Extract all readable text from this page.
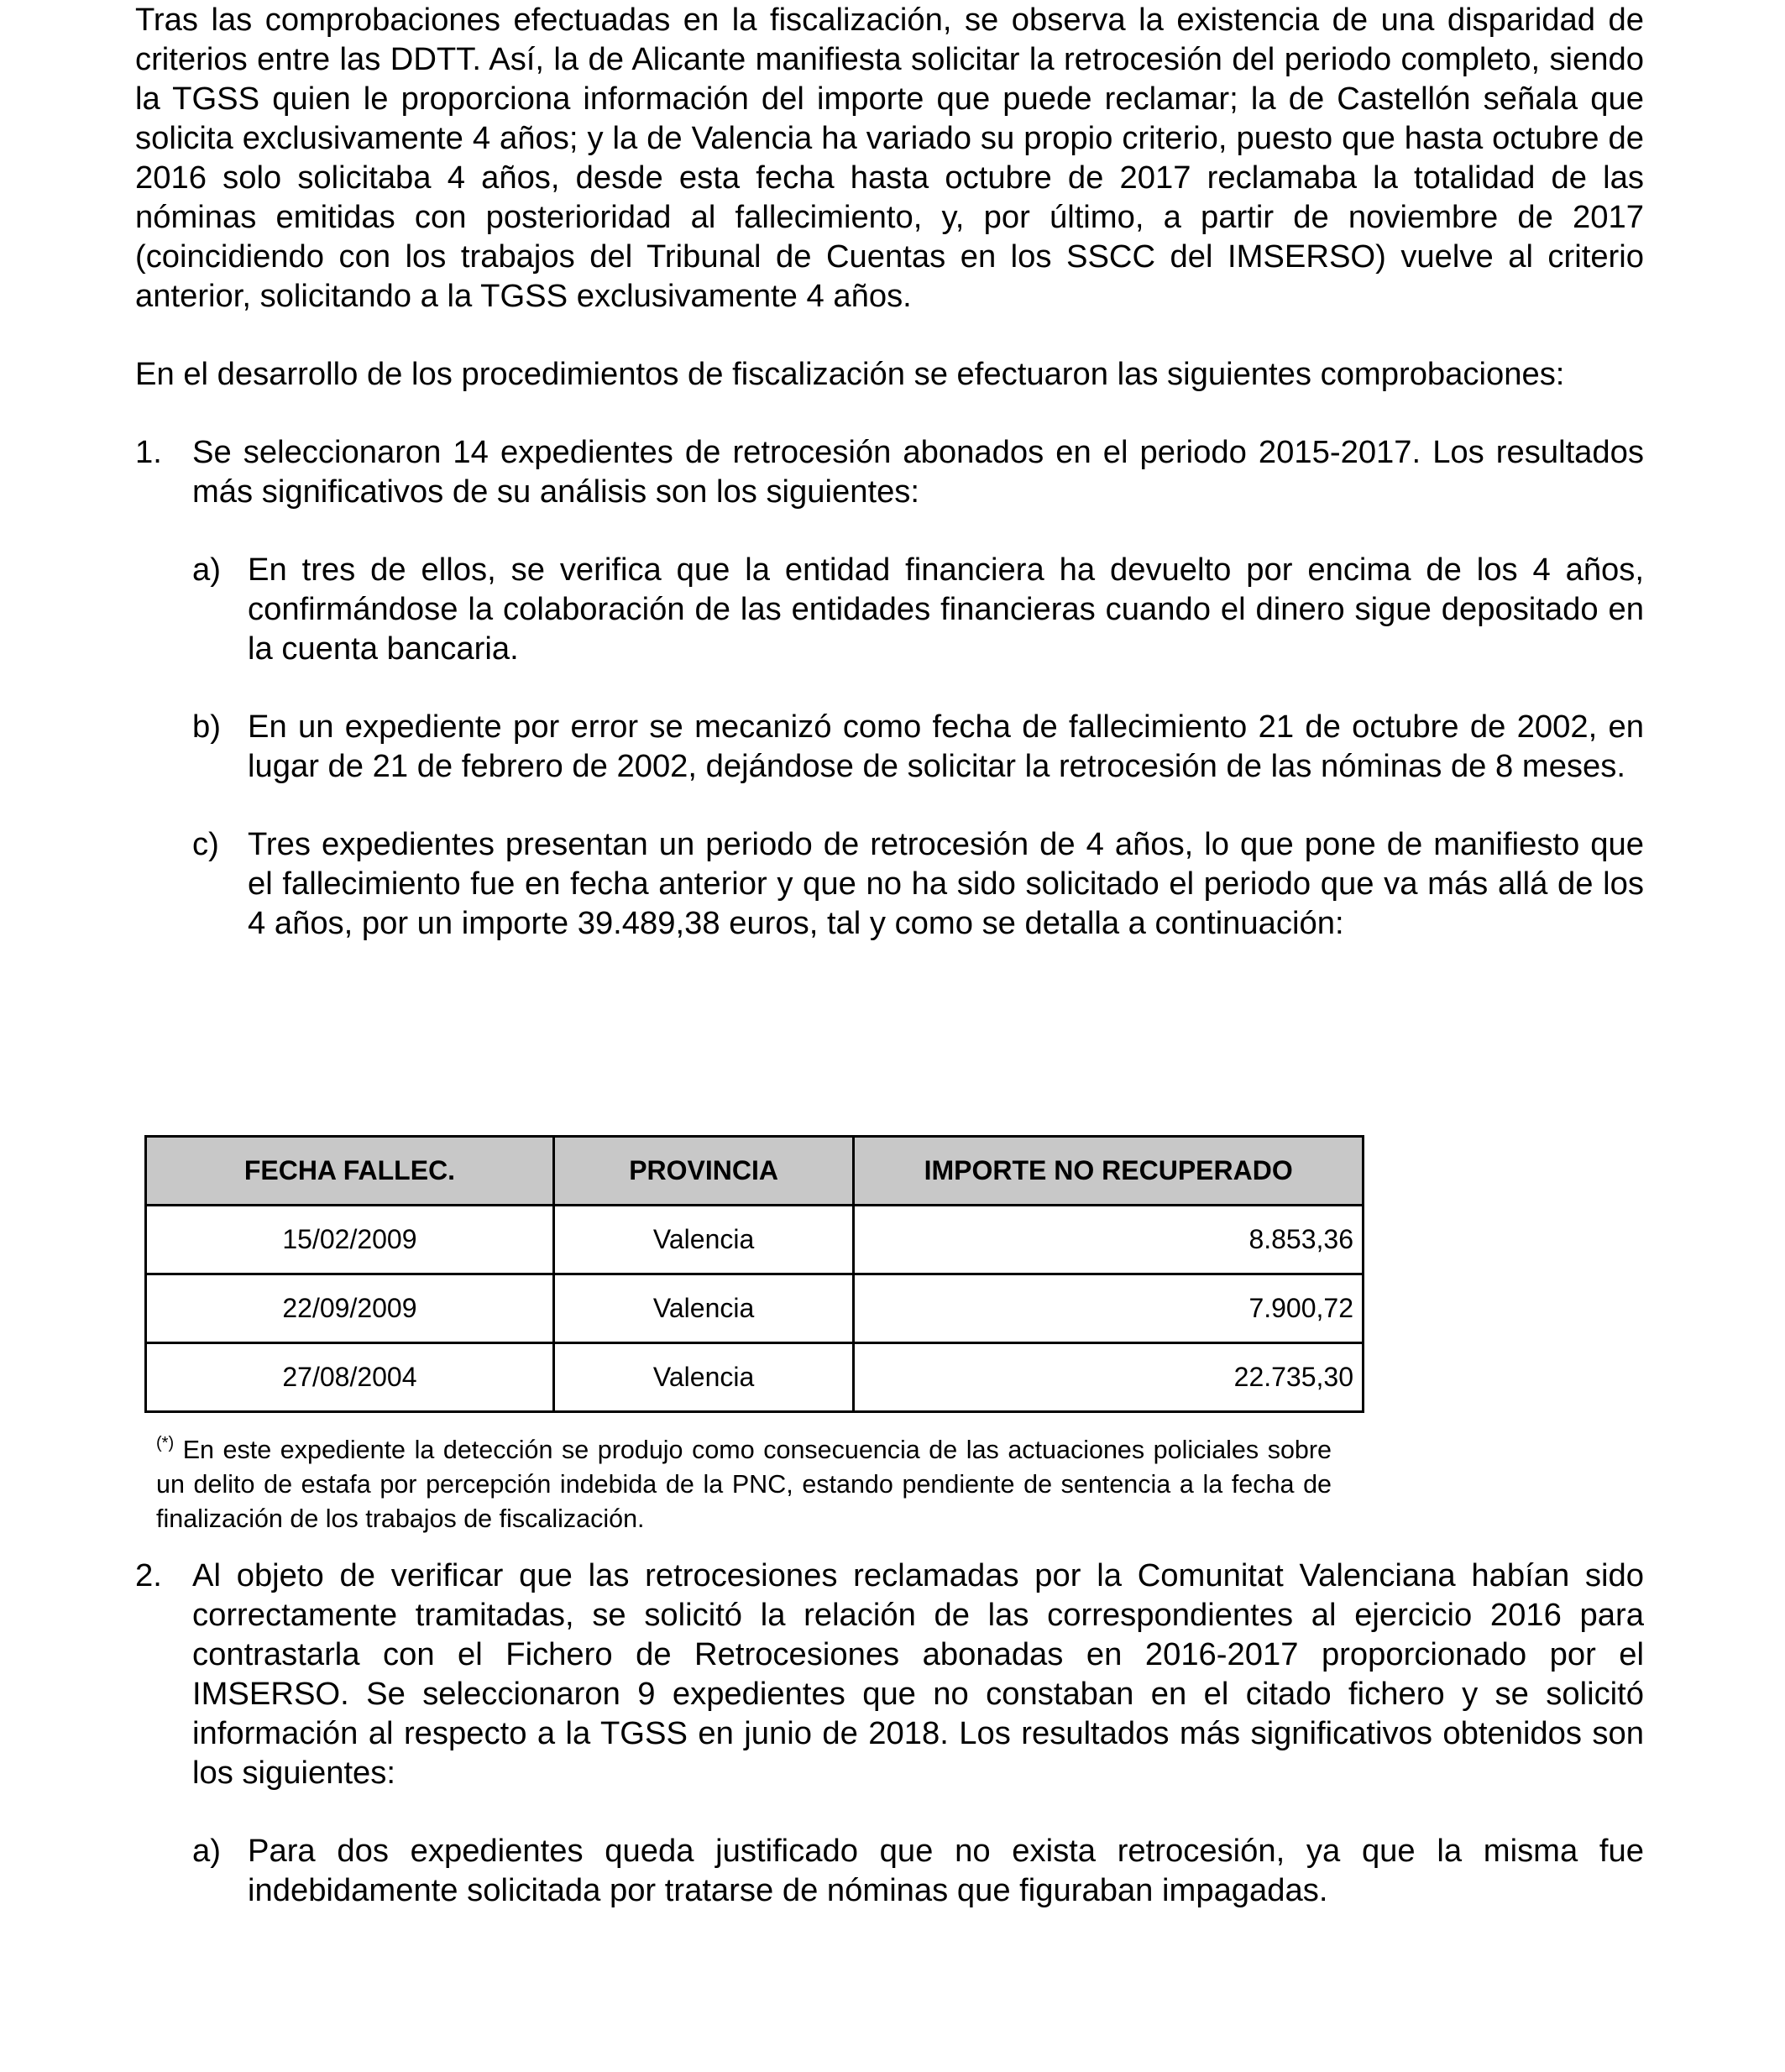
Tras las comprobaciones efectuadas en la fiscalización, se observa la existencia de una disparidad de criterios entre las DDTT. Así, la de Alicante manifiesta solicitar la retrocesión del periodo completo, siendo la TGSS quien le proporciona información del importe que puede reclamar; la de Castellón señala que solicita exclusivamente 4 años; y la de Valencia ha variado su propio criterio, puesto que hasta octubre de 2016 solo solicitaba 4 años, desde esta fecha hasta octubre de 2017 reclamaba la totalidad de las nóminas emitidas con posterioridad al fallecimiento, y, por último, a partir de noviembre de 2017 (coincidiendo con los trabajos del Tribunal de Cuentas en los SSCC del IMSERSO) vuelve al criterio anterior, solicitando a la TGSS exclusivamente 4 años.

En el desarrollo de los procedimientos de fiscalización se efectuaron las siguientes comprobaciones:

1. Se seleccionaron 14 expedientes de retrocesión abonados en el periodo 2015-2017. Los resultados más significativos de su análisis son los siguientes:

a) En tres de ellos, se verifica que la entidad financiera ha devuelto por encima de los 4 años, confirmándose la colaboración de las entidades financieras cuando el dinero sigue depositado en la cuenta bancaria.

b) En un expediente por error se mecanizó como fecha de fallecimiento 21 de octubre de 2002, en lugar de 21 de febrero de 2002, dejándose de solicitar la retrocesión de las nóminas de 8 meses.

c) Tres expedientes presentan un periodo de retrocesión de 4 años, lo que pone de manifiesto que el fallecimiento fue en fecha anterior y que no ha sido solicitado el periodo que va más allá de los 4 años, por un importe 39.489,38 euros, tal y como se detalla a continuación:

FECHA FALLEC.	PROVINCIA	IMPORTE NO RECUPERADO
15/02/2009	Valencia	8.853,36
22/09/2009	Valencia	7.900,72
27/08/2004	Valencia	22.735,30
(*) En este expediente la detección se produjo como consecuencia de las actuaciones policiales sobre un delito de estafa por percepción indebida de la PNC, estando pendiente de sentencia a la fecha de finalización de los trabajos de fiscalización.
2. Al objeto de verificar que las retrocesiones reclamadas por la Comunitat Valenciana habían sido correctamente tramitadas, se solicitó la relación de las correspondientes al ejercicio 2016 para contrastarla con el Fichero de Retrocesiones abonadas en 2016-2017 proporcionado por el IMSERSO. Se seleccionaron 9 expedientes que no constaban en el citado fichero y se solicitó información al respecto a la TGSS en junio de 2018. Los resultados más significativos obtenidos son los siguientes:

a) Para dos expedientes queda justificado que no exista retrocesión, ya que la misma fue indebidamente solicitada por tratarse de nóminas que figuraban impagadas.
